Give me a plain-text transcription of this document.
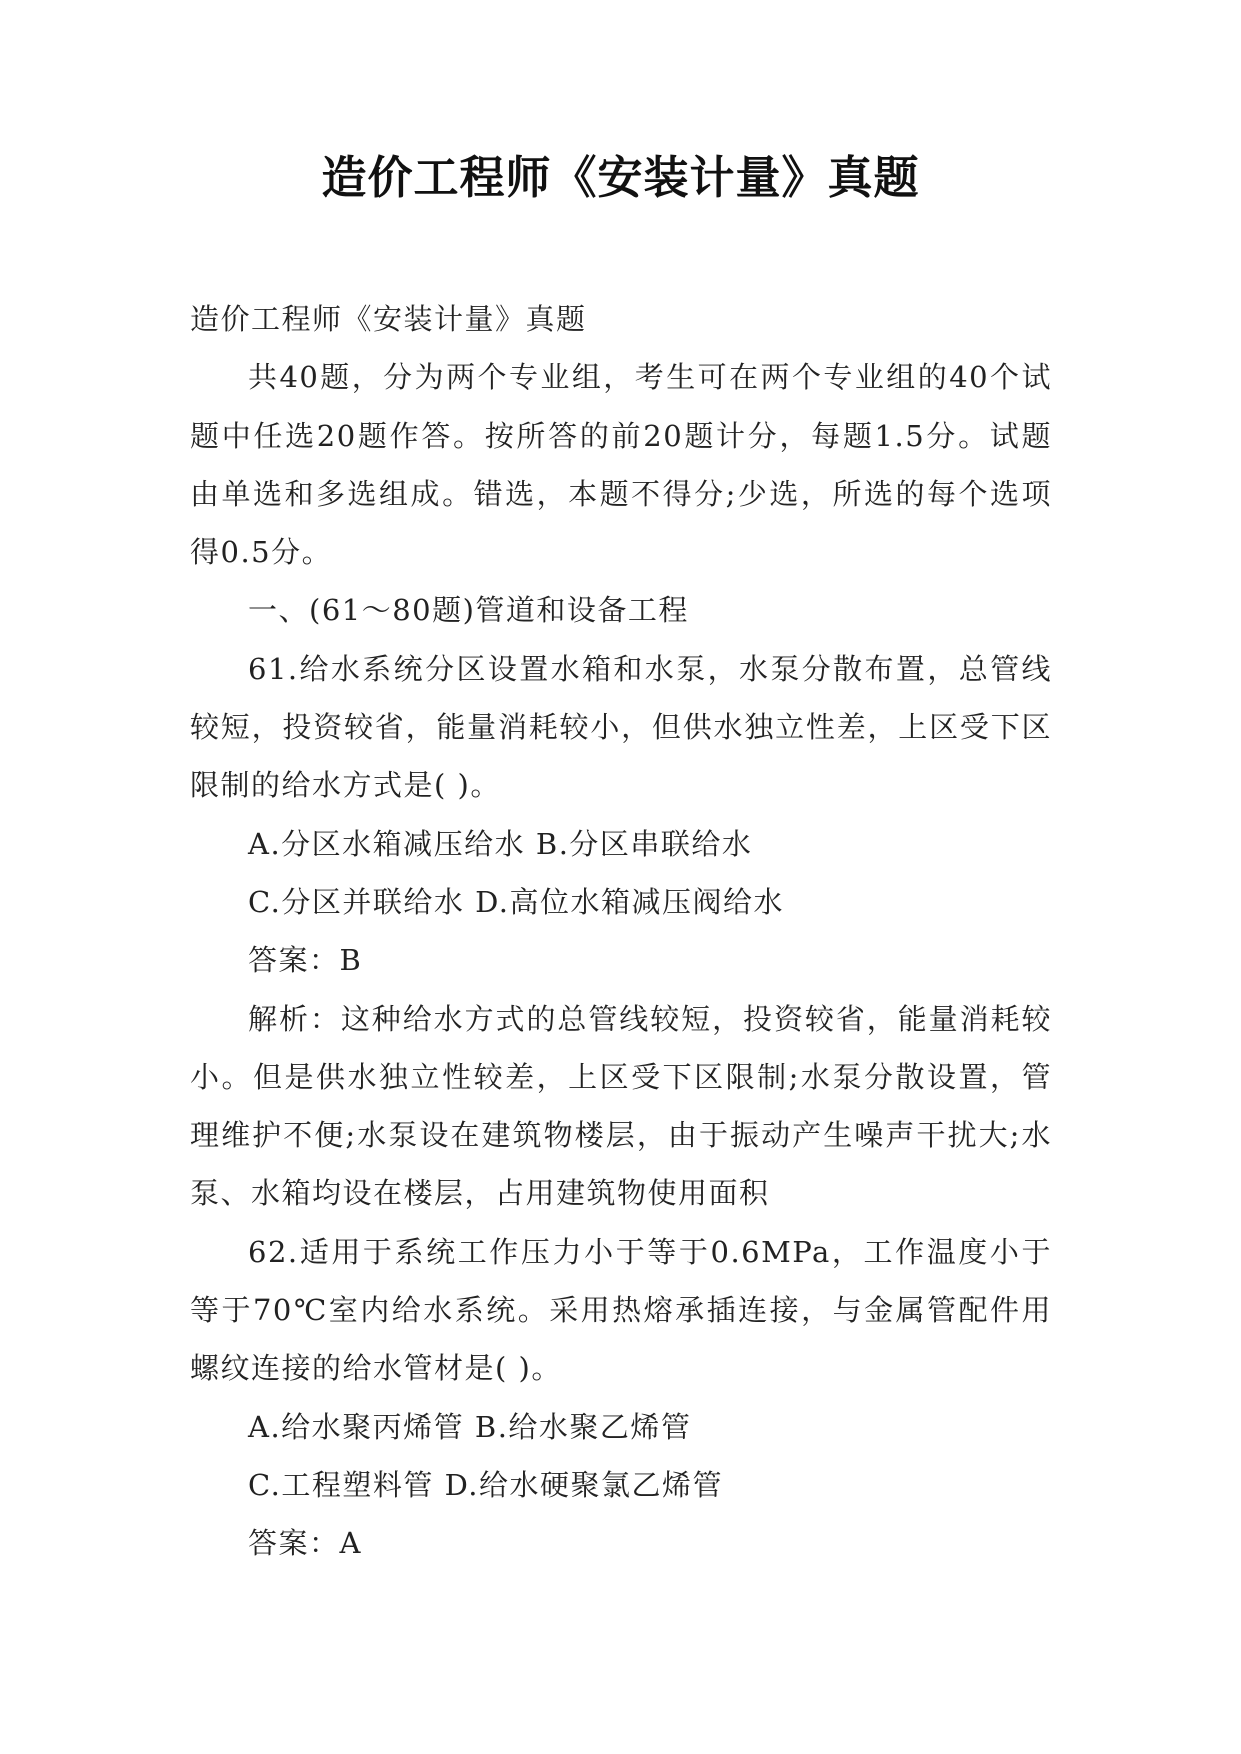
造价工程师《安装计量》真题

造价工程师《安装计量》真题

共40题，分为两个专业组，考生可在两个专业组的40个试题中任选20题作答。按所答的前20题计分，每题1.5分。试题由单选和多选组成。错选，本题不得分;少选，所选的每个选项得0.5分。

一、(61～80题)管道和设备工程

61.给水系统分区设置水箱和水泵，水泵分散布置，总管线较短，投资较省，能量消耗较小，但供水独立性差，上区受下区限制的给水方式是( )。

A.分区水箱减压给水 B.分区串联给水

C.分区并联给水 D.高位水箱减压阀给水

答案：B

解析：这种给水方式的总管线较短，投资较省，能量消耗较小。但是供水独立性较差，上区受下区限制;水泵分散设置，管理维护不便;水泵设在建筑物楼层，由于振动产生噪声干扰大;水泵、水箱均设在楼层，占用建筑物使用面积

62.适用于系统工作压力小于等于0.6MPa，工作温度小于等于70℃室内给水系统。采用热熔承插连接，与金属管配件用螺纹连接的给水管材是( )。

A.给水聚丙烯管 B.给水聚乙烯管

C.工程塑料管 D.给水硬聚氯乙烯管

答案：A
